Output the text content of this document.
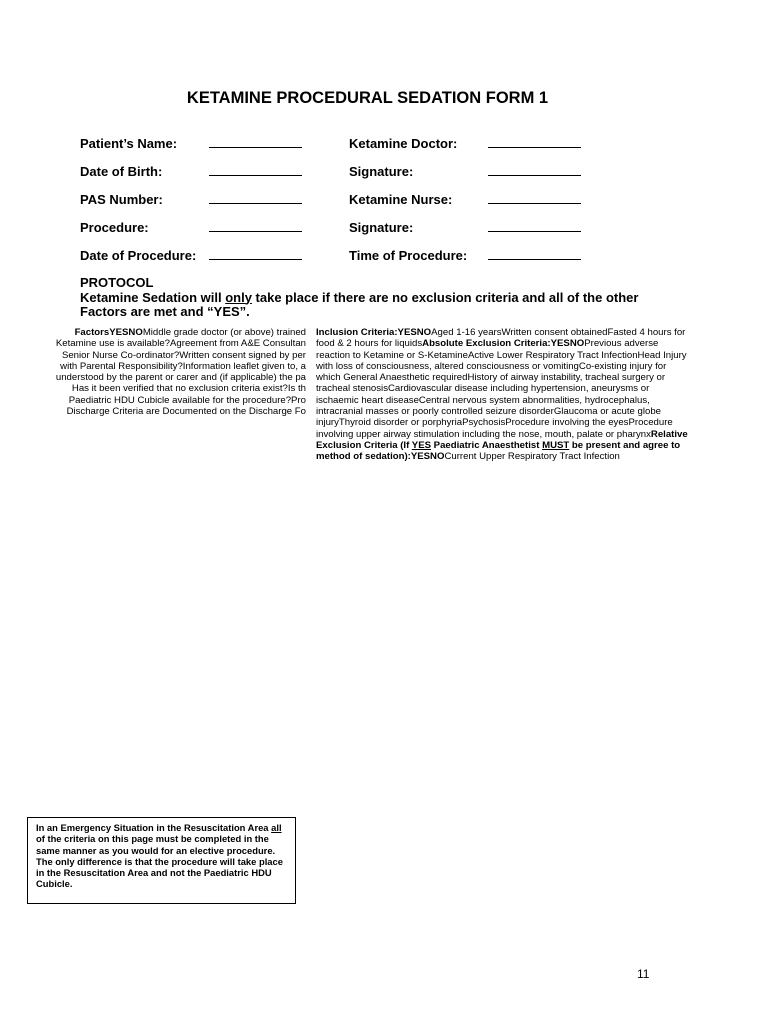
KETAMINE PROCEDURAL SEDATION FORM 1
Patient’s Name:
Date of Birth:
PAS Number:
Procedure:
Date of Procedure:
Ketamine Doctor:
Signature:
Ketamine Nurse:
Signature:
Time of Procedure:
PROTOCOL
Ketamine Sedation will only take place if there are no exclusion criteria and all of the other
Factors are met and “YES”.
FactorsYESNOMiddle grade doctor (or above) trained
Ketamine use is available?Agreement from A&E Consultan
Senior Nurse Co-ordinator?Written consent signed by per
with Parental Responsibility?Information leaflet given to, a
understood by the parent or carer and (if applicable) the pa
Has it been verified that no exclusion criteria exist?Is th
Paediatric HDU Cubicle available for the procedure?Pro
Discharge Criteria are Documented on the Discharge Fo
Inclusion Criteria:YESNOAged 1-16 yearsWritten consent obtainedFasted 4 hours for food & 2 hours for liquidsAbsolute Exclusion Criteria:YESNOPrevious adverse reaction to Ketamine or S-KetamineActive Lower Respiratory Tract InfectionHead Injury with loss of consciousness, altered consciousness or vomitingCo-existing injury for which General Anaesthetic requiredHistory of airway instability, tracheal surgery or tracheal stenosisCardiovascular disease including hypertension, aneurysms or ischaemic heart diseaseCentral nervous system abnormalities, hydrocephalus, intracranial masses or poorly controlled seizure disorderGlaucoma or acute globe injuryThyroid disorder or porphyriaPsychosisProcedure involving the eyesProcedure involving upper airway stimulation including the nose, mouth, palate or pharynxRelative Exclusion Criteria (If YES Paediatric Anaesthetist MUST be present and agree to method of sedation):YESNOCurrent Upper Respiratory Tract Infection
In an Emergency Situation in the Resuscitation Area all of the criteria on this page must be completed in the same manner as you would for an elective procedure. The only difference is that the procedure will take place in the Resuscitation Area and not the Paediatric HDU Cubicle.
11
